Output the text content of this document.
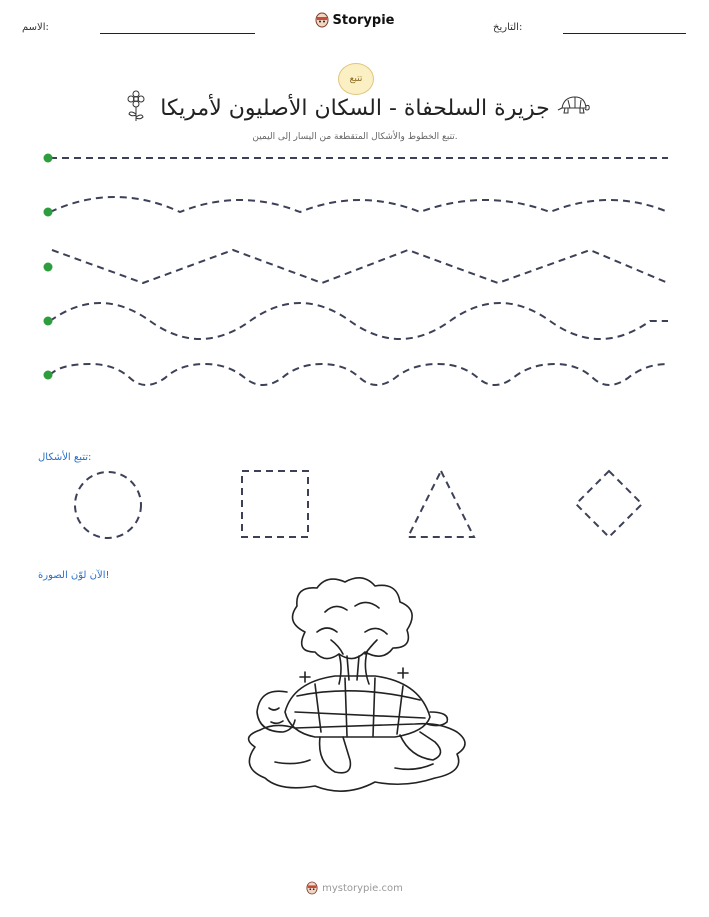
الاسم:	التاريخ:
Storypie
تتبع
جزيرة السلحفاة - السكان الأصليون لأمريكا
تتبع الخطوط والأشكال المتقطعة من اليسار إلى اليمين.
تتبع الأشكال:
الآن لوّن الصورة!
mystorypie.com
